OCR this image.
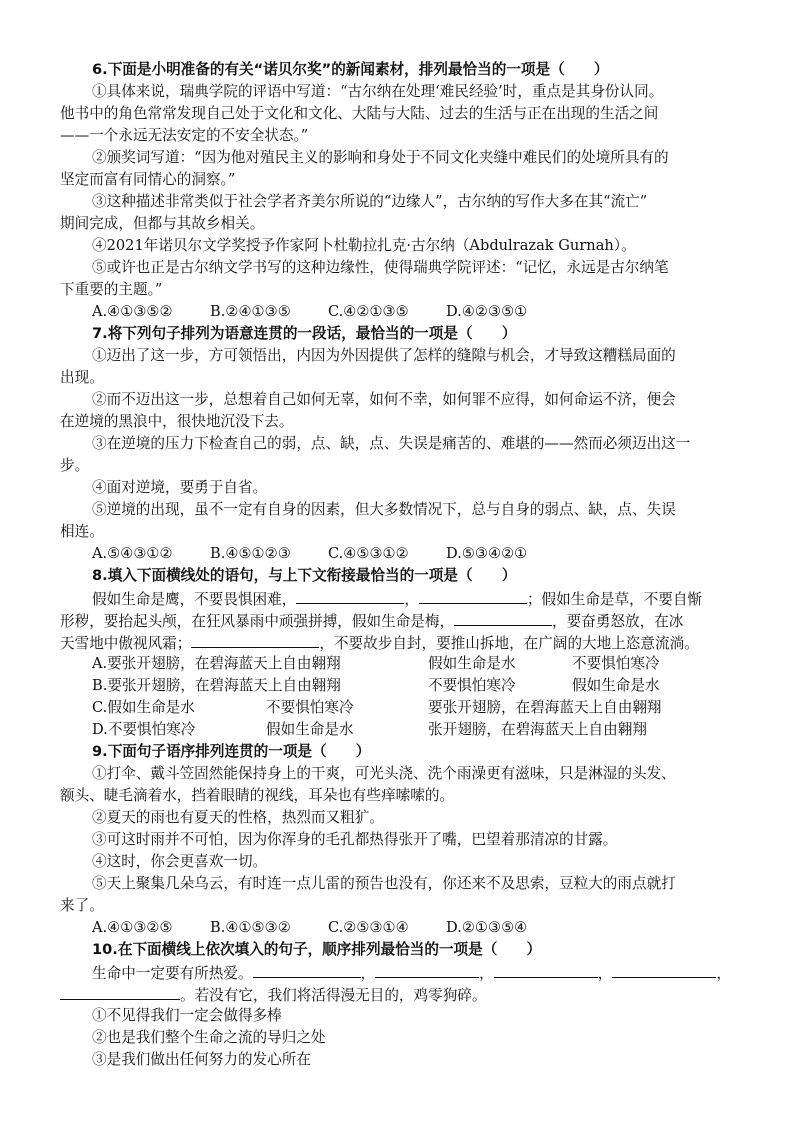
6.下面是小明准备的有关“诺贝尔奖”的新闻素材，排列最恰当的一项是（　　）
①具体来说，瑞典学院的评语中写道：“古尔纳在处理‘难民经验’时，重点是其身份认同。
他书中的角色常常发现自己处于文化和文化、大陆与大陆、过去的生活与正在出现的生活之间
——一个永远无法安定的不安全状态。”
②颁奖词写道：“因为他对殖民主义的影响和身处于不同文化夹缝中难民们的处境所具有的
坚定而富有同情心的洞察。”
③这种描述非常类似于社会学者齐美尔所说的“边缘人”，古尔纳的写作大多在其“流亡”
期间完成，但都与其故乡相关。
④2021年诺贝尔文学奖授予作家阿卜杜勒拉扎克·古尔纳（Abdulrazak Gurnah）。
⑤或许也正是古尔纳文学书写的这种边缘性，使得瑞典学院评述：“记忆，永远是古尔纳笔
下重要的主题。”
A.④①③⑤②	B.②④①③⑤	C.④②①③⑤	D.④②③⑤①
7.将下列句子排列为语意连贯的一段话，最恰当的一项是（　　）
①迈出了这一步，方可领悟出，内因为外因提供了怎样的缝隙与机会，才导致这糟糕局面的
出现。
②而不迈出这一步，总想着自己如何无辜，如何不幸，如何罪不应得，如何命运不济，便会
在逆境的黑浪中，很快地沉没下去。
③在逆境的压力下检查自己的弱，点、缺，点、失误是痛苦的、难堪的——然而必须迈出这一
步。
④面对逆境，要勇于自省。
⑤逆境的出现，虽不一定有自身的因素，但大多数情况下，总与自身的弱点、缺，点、失误
相连。
A.⑤④③①②	B.④⑤①②③	C.④⑤③①②	D.⑤③④②①
8.填入下面横线处的语句，与上下文衔接最恰当的一项是（　　）
假如生命是鹰，不要畏惧困难，	，	；假如生命是草，不要自惭
形秽，要抬起头颅，在狂风暴雨中顽强拼搏，假如生命是梅，	，要奋勇怒放，在冰
天雪地中傲视风霜；	，不要故步自封，要推山拆地，在广阔的大地上恣意流淌。
A.要张开翅膀，在碧海蓝天上自由翱翔	假如生命是水	不要惧怕寒冷
B.要张开翅膀，在碧海蓝天上自由翱翔	不要惧怕寒冷	假如生命是水
C.假如生命是水	不要惧怕寒冷	要张开翅膀，在碧海蓝天上自由翱翔
D.不要惧怕寒冷	假如生命是水	张开翅膀，在碧海蓝天上自由翱翔
9.下面句子语序排列连贯的一项是（　　）
①打伞、戴斗笠固然能保持身上的干爽，可光头浇、洗个雨澡更有滋味，只是淋湿的头发、
额头、睫毛滴着水，挡着眼睛的视线，耳朵也有些痒嗦嗦的。
②夏天的雨也有夏天的性格，热烈而又粗犷。
③可这时雨并不可怕，因为你浑身的毛孔都热得张开了嘴，巴望着那清凉的甘露。
④这时，你会更喜欢一切。
⑤天上聚集几朵乌云，有时连一点儿雷的预告也没有，你还来不及思索，豆粒大的雨点就打
来了。
A.④①③②⑤	B.④①⑤③②	C.②⑤③①④	D.②①③⑤④
10.在下面横线上依次填入的句子，顺序排列最恰当的一项是（　　）
生命中一定要有所热爱。	，	，	，	，
。若没有它，我们将活得漫无目的，鸡零狗碎。
①不见得我们一定会做得多棒
②也是我们整个生命之流的导归之处
③是我们做出任何努力的发心所在
